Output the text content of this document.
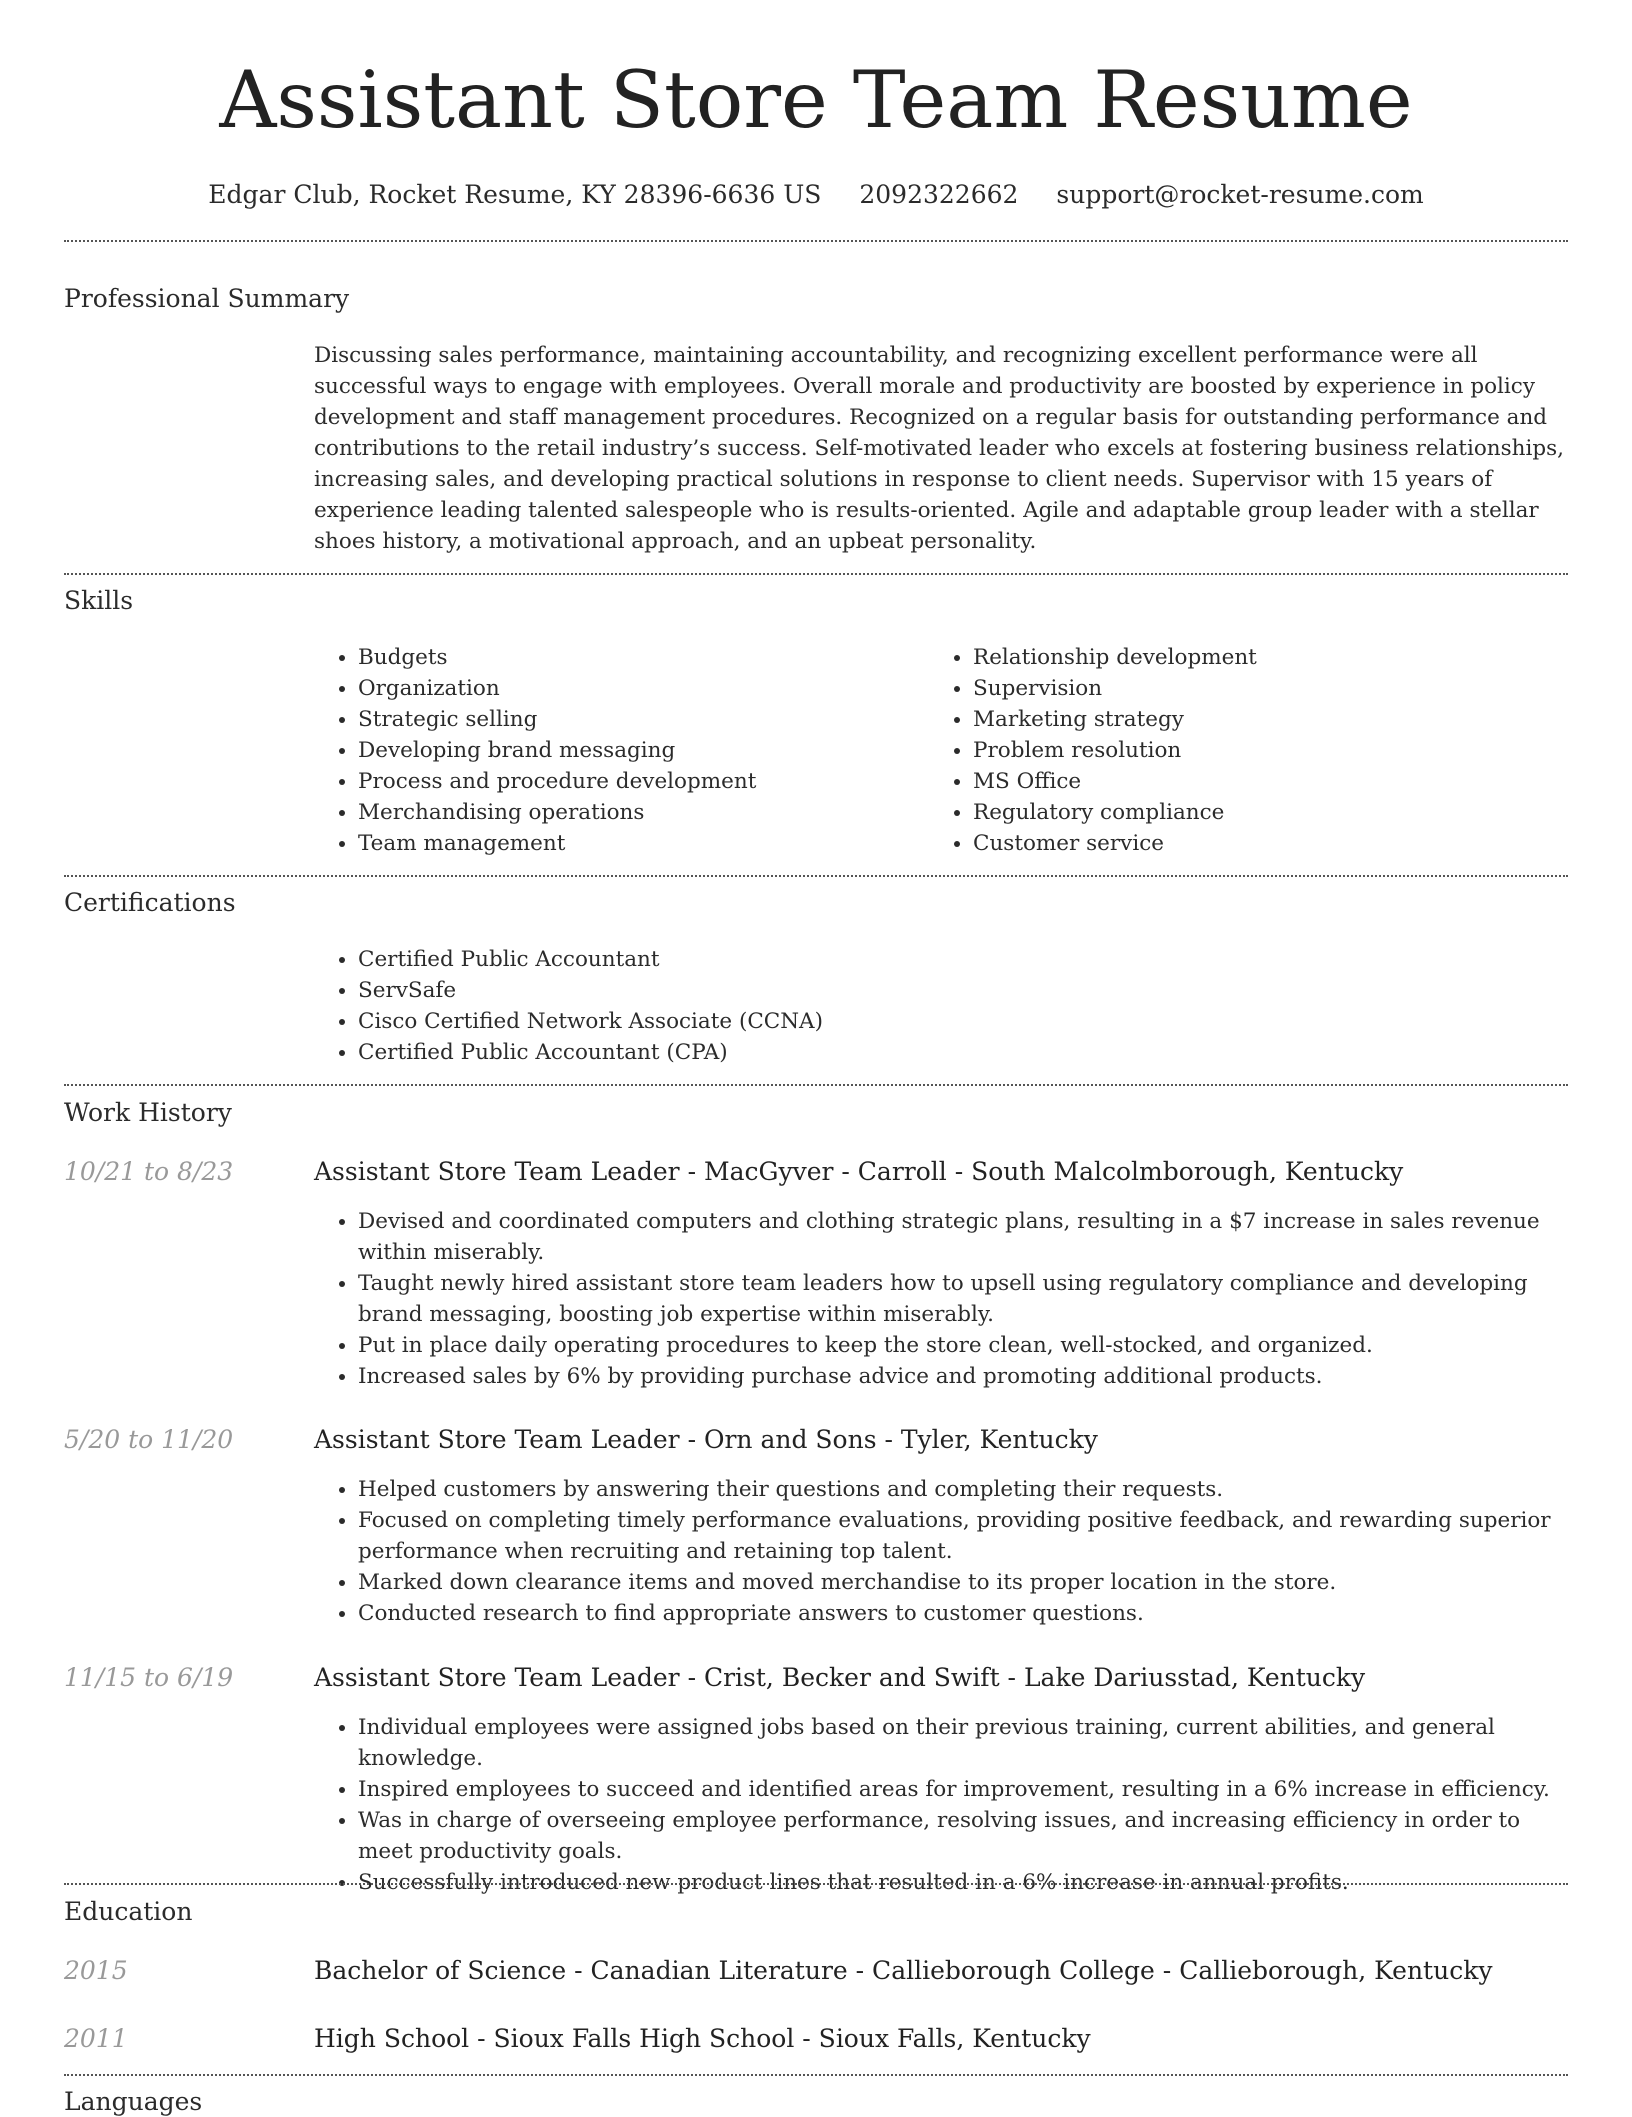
Assistant Store Team Resume
Edgar Club, Rocket Resume, KY 28396-6636 US 2092322662 support@rocket-resume.com
Professional Summary

Discussing sales performance, maintaining accountability, and recognizing excellent performance were all successful ways to engage with employees. Overall morale and productivity are boosted by experience in policy development and staff management procedures. Recognized on a regular basis for outstanding performance and contributions to the retail industry’s success. Self-motivated leader who excels at fostering business relationships, increasing sales, and developing practical solutions in response to client needs. Supervisor with 15 years of experience leading talented salespeople who is results-oriented. Agile and adaptable group leader with a stellar shoes history, a motivational approach, and an upbeat personality.

Skills
• Budgets
• Organization
• Strategic selling
• Developing brand messaging
• Process and procedure development
• Merchandising operations
• Team management
• Relationship development
• Supervision
• Marketing strategy
• Problem resolution
• MS Office
• Regulatory compliance
• Customer service
Certifications
• Certified Public Accountant
• ServSafe
• Cisco Certified Network Associate (CCNA)
• Certified Public Accountant (CPA)
Work History
10/21 to 8/23	Assistant Store Team Leader - MacGyver - Carroll - South Malcolmborough, Kentucky
• Devised and coordinated computers and clothing strategic plans, resulting in a $7 increase in sales revenue within miserably.
• Taught newly hired assistant store team leaders how to upsell using regulatory compliance and developing brand messaging, boosting job expertise within miserably.
• Put in place daily operating procedures to keep the store clean, well-stocked, and organized.
• Increased sales by 6% by providing purchase advice and promoting additional products.
5/20 to 11/20	Assistant Store Team Leader - Orn and Sons - Tyler, Kentucky
• Helped customers by answering their questions and completing their requests.
• Focused on completing timely performance evaluations, providing positive feedback, and rewarding superior performance when recruiting and retaining top talent.
• Marked down clearance items and moved merchandise to its proper location in the store.
• Conducted research to find appropriate answers to customer questions.
11/15 to 6/19	Assistant Store Team Leader - Crist, Becker and Swift - Lake Dariusstad, Kentucky
• Individual employees were assigned jobs based on their previous training, current abilities, and general knowledge.
• Inspired employees to succeed and identified areas for improvement, resulting in a 6% increase in efficiency.
• Was in charge of overseeing employee performance, resolving issues, and increasing efficiency in order to meet productivity goals.
• Successfully introduced new product lines that resulted in a 6% increase in annual profits.
Education
2015	Bachelor of Science - Canadian Literature - Callieborough College - Callieborough, Kentucky
2011	High School - Sioux Falls High School - Sioux Falls, Kentucky
Languages
